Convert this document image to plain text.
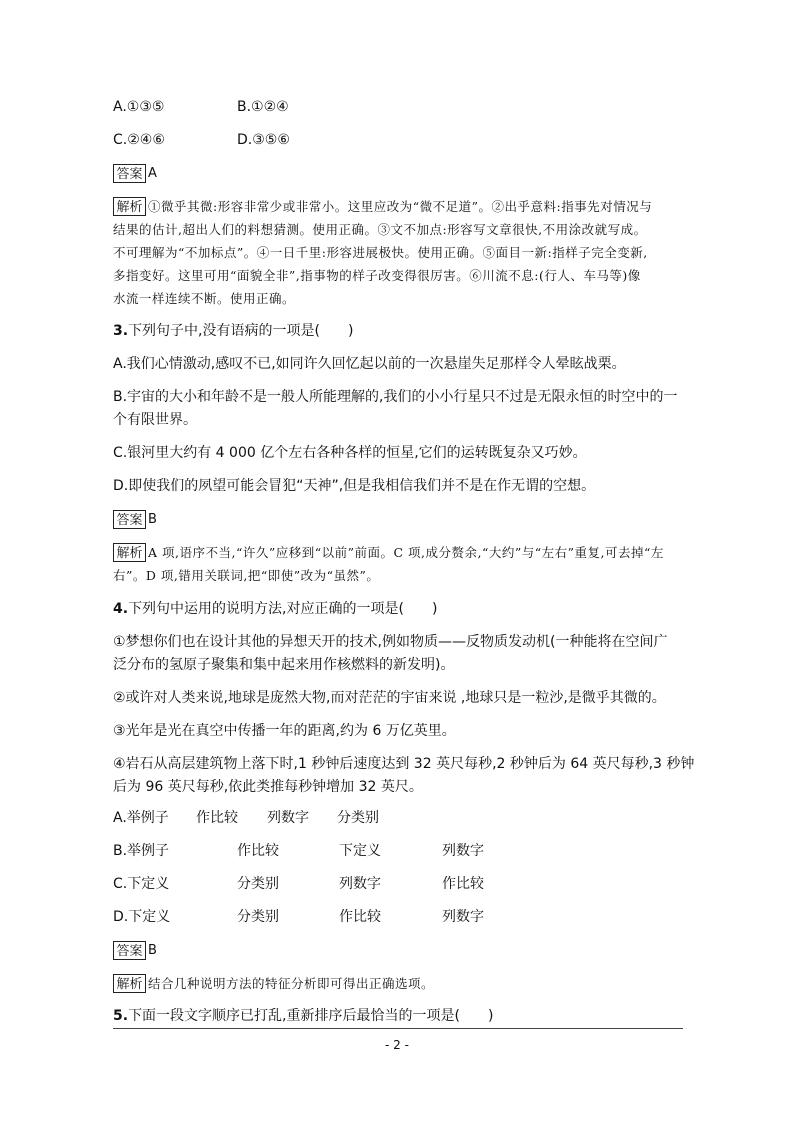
A.①③⑤	B.①②④
C.②④⑥	D.③⑤⑥
答案 A
解析 ①微乎其微:形容非常少或非常小。这里应改为“微不足道”。②出乎意料:指事先对情况与
结果的估计,超出人们的料想猜测。使用正确。③文不加点:形容写文章很快,不用涂改就写成。
不可理解为“不加标点”。④一日千里:形容进展极快。使用正确。⑤面目一新:指样子完全变新,
多指变好。这里可用“面貌全非”,指事物的样子改变得很厉害。⑥川流不息:(行人、车马等)像
水流一样连续不断。使用正确。
3.下列句子中,没有语病的一项是(　　)
A.我们心情激动,感叹不已,如同许久回忆起以前的一次悬崖失足那样令人晕眩战栗。
B.宇宙的大小和年龄不是一般人所能理解的,我们的小小行星只不过是无限永恒的时空中的一
个有限世界。
C.银河里大约有 4 000 亿个左右各种各样的恒星,它们的运转既复杂又巧妙。
D.即使我们的夙望可能会冒犯“天神”,但是我相信我们并不是在作无谓的空想。
答案 B
解析 A 项,语序不当,“许久”应移到“以前”前面。C 项,成分赘余,“大约”与“左右”重复,可去掉“左
右”。D 项,错用关联词,把“即使”改为“虽然”。
4.下列句中运用的说明方法,对应正确的一项是(　　)
①梦想你们也在设计其他的异想天开的技术,例如物质——反物质发动机(一种能将在空间广
泛分布的氢原子聚集和集中起来用作核燃料的新发明)。
②或许对人类来说,地球是庞然大物,而对茫茫的宇宙来说 ,地球只是一粒沙,是微乎其微的。
③光年是光在真空中传播一年的距离,约为 6 万亿英里。
④岩石从高层建筑物上落下时,1 秒钟后速度达到 32 英尺每秒,2 秒钟后为 64 英尺每秒,3 秒钟
后为 96 英尺每秒,依此类推每秒钟增加 32 英尺。
A.举例子 作比较 列数字 分类别
B.举例子	作比较	下定义	列数字
C.下定义	分类别	列数字	作比较
D.下定义	分类别	作比较	列数字
答案 B
解析 结合几种说明方法的特征分析即可得出正确选项。
5.下面一段文字顺序已打乱,重新排序后最恰当的一项是(　　)
- 2 -
